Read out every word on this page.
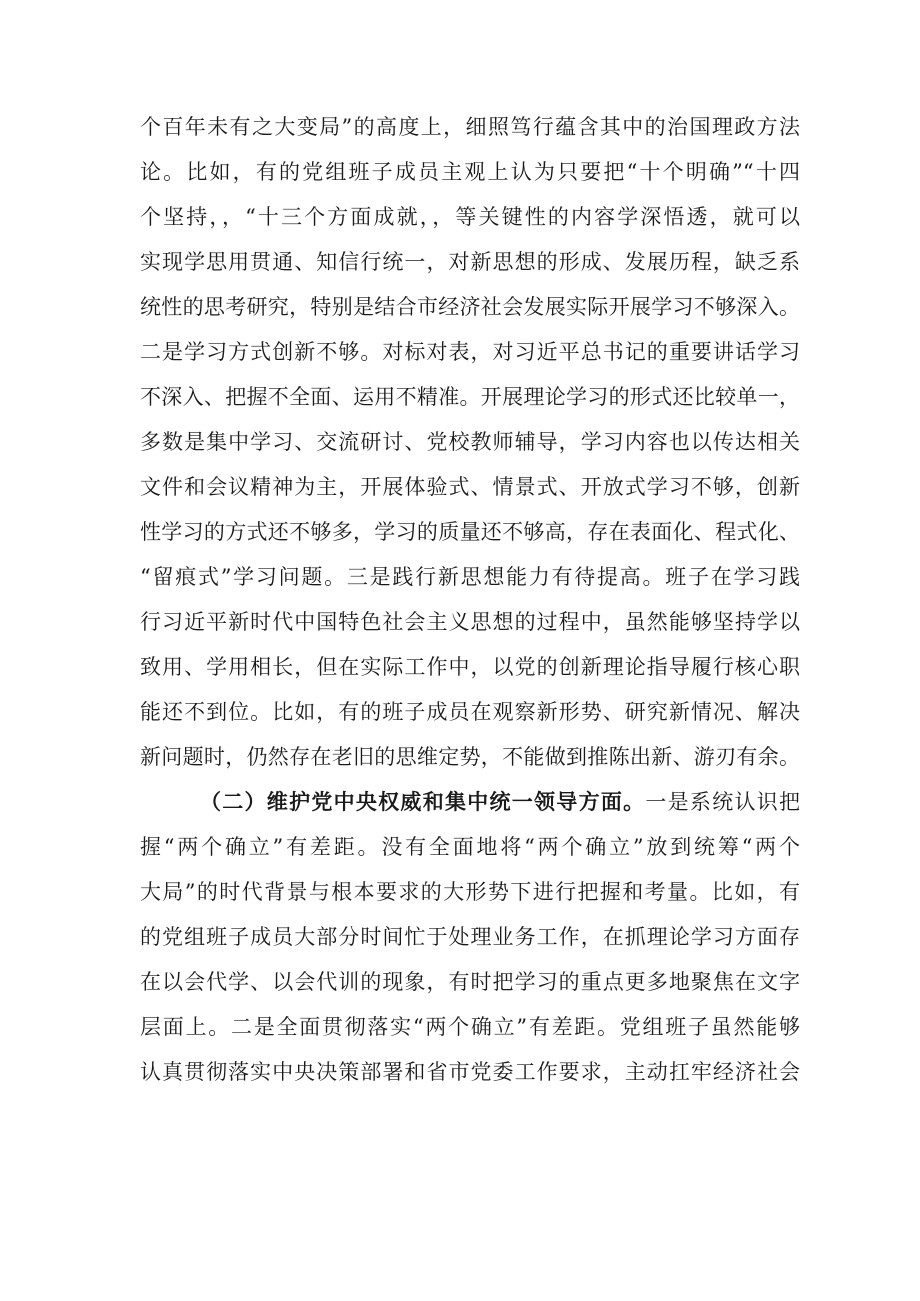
个百年未有之大变局”的高度上，细照笃行蕴含其中的治国理政方法
论。比如，有的党组班子成员主观上认为只要把“十个明确”“十四
个坚持，，“十三个方面成就，，等关键性的内容学深悟透，就可以
实现学思用贯通、知信行统一，对新思想的形成、发展历程，缺乏系
统性的思考研究，特别是结合市经济社会发展实际开展学习不够深入。
二是学习方式创新不够。对标对表，对习近平总书记的重要讲话学习
不深入、把握不全面、运用不精准。开展理论学习的形式还比较单一，
多数是集中学习、交流研讨、党校教师辅导，学习内容也以传达相关
文件和会议精神为主，开展体验式、情景式、开放式学习不够，创新
性学习的方式还不够多，学习的质量还不够高，存在表面化、程式化、
“留痕式”学习问题。三是践行新思想能力有待提高。班子在学习践
行习近平新时代中国特色社会主义思想的过程中，虽然能够坚持学以
致用、学用相长，但在实际工作中，以党的创新理论指导履行核心职
能还不到位。比如，有的班子成员在观察新形势、研究新情况、解决
新问题时，仍然存在老旧的思维定势，不能做到推陈出新、游刃有余。
（二）维护党中央权威和集中统一领导方面。一是系统认识把
握“两个确立”有差距。没有全面地将“两个确立”放到统筹“两个
大局”的时代背景与根本要求的大形势下进行把握和考量。比如，有
的党组班子成员大部分时间忙于处理业务工作，在抓理论学习方面存
在以会代学、以会代训的现象，有时把学习的重点更多地聚焦在文字
层面上。二是全面贯彻落实“两个确立”有差距。党组班子虽然能够
认真贯彻落实中央决策部署和省市党委工作要求，主动扛牢经济社会
